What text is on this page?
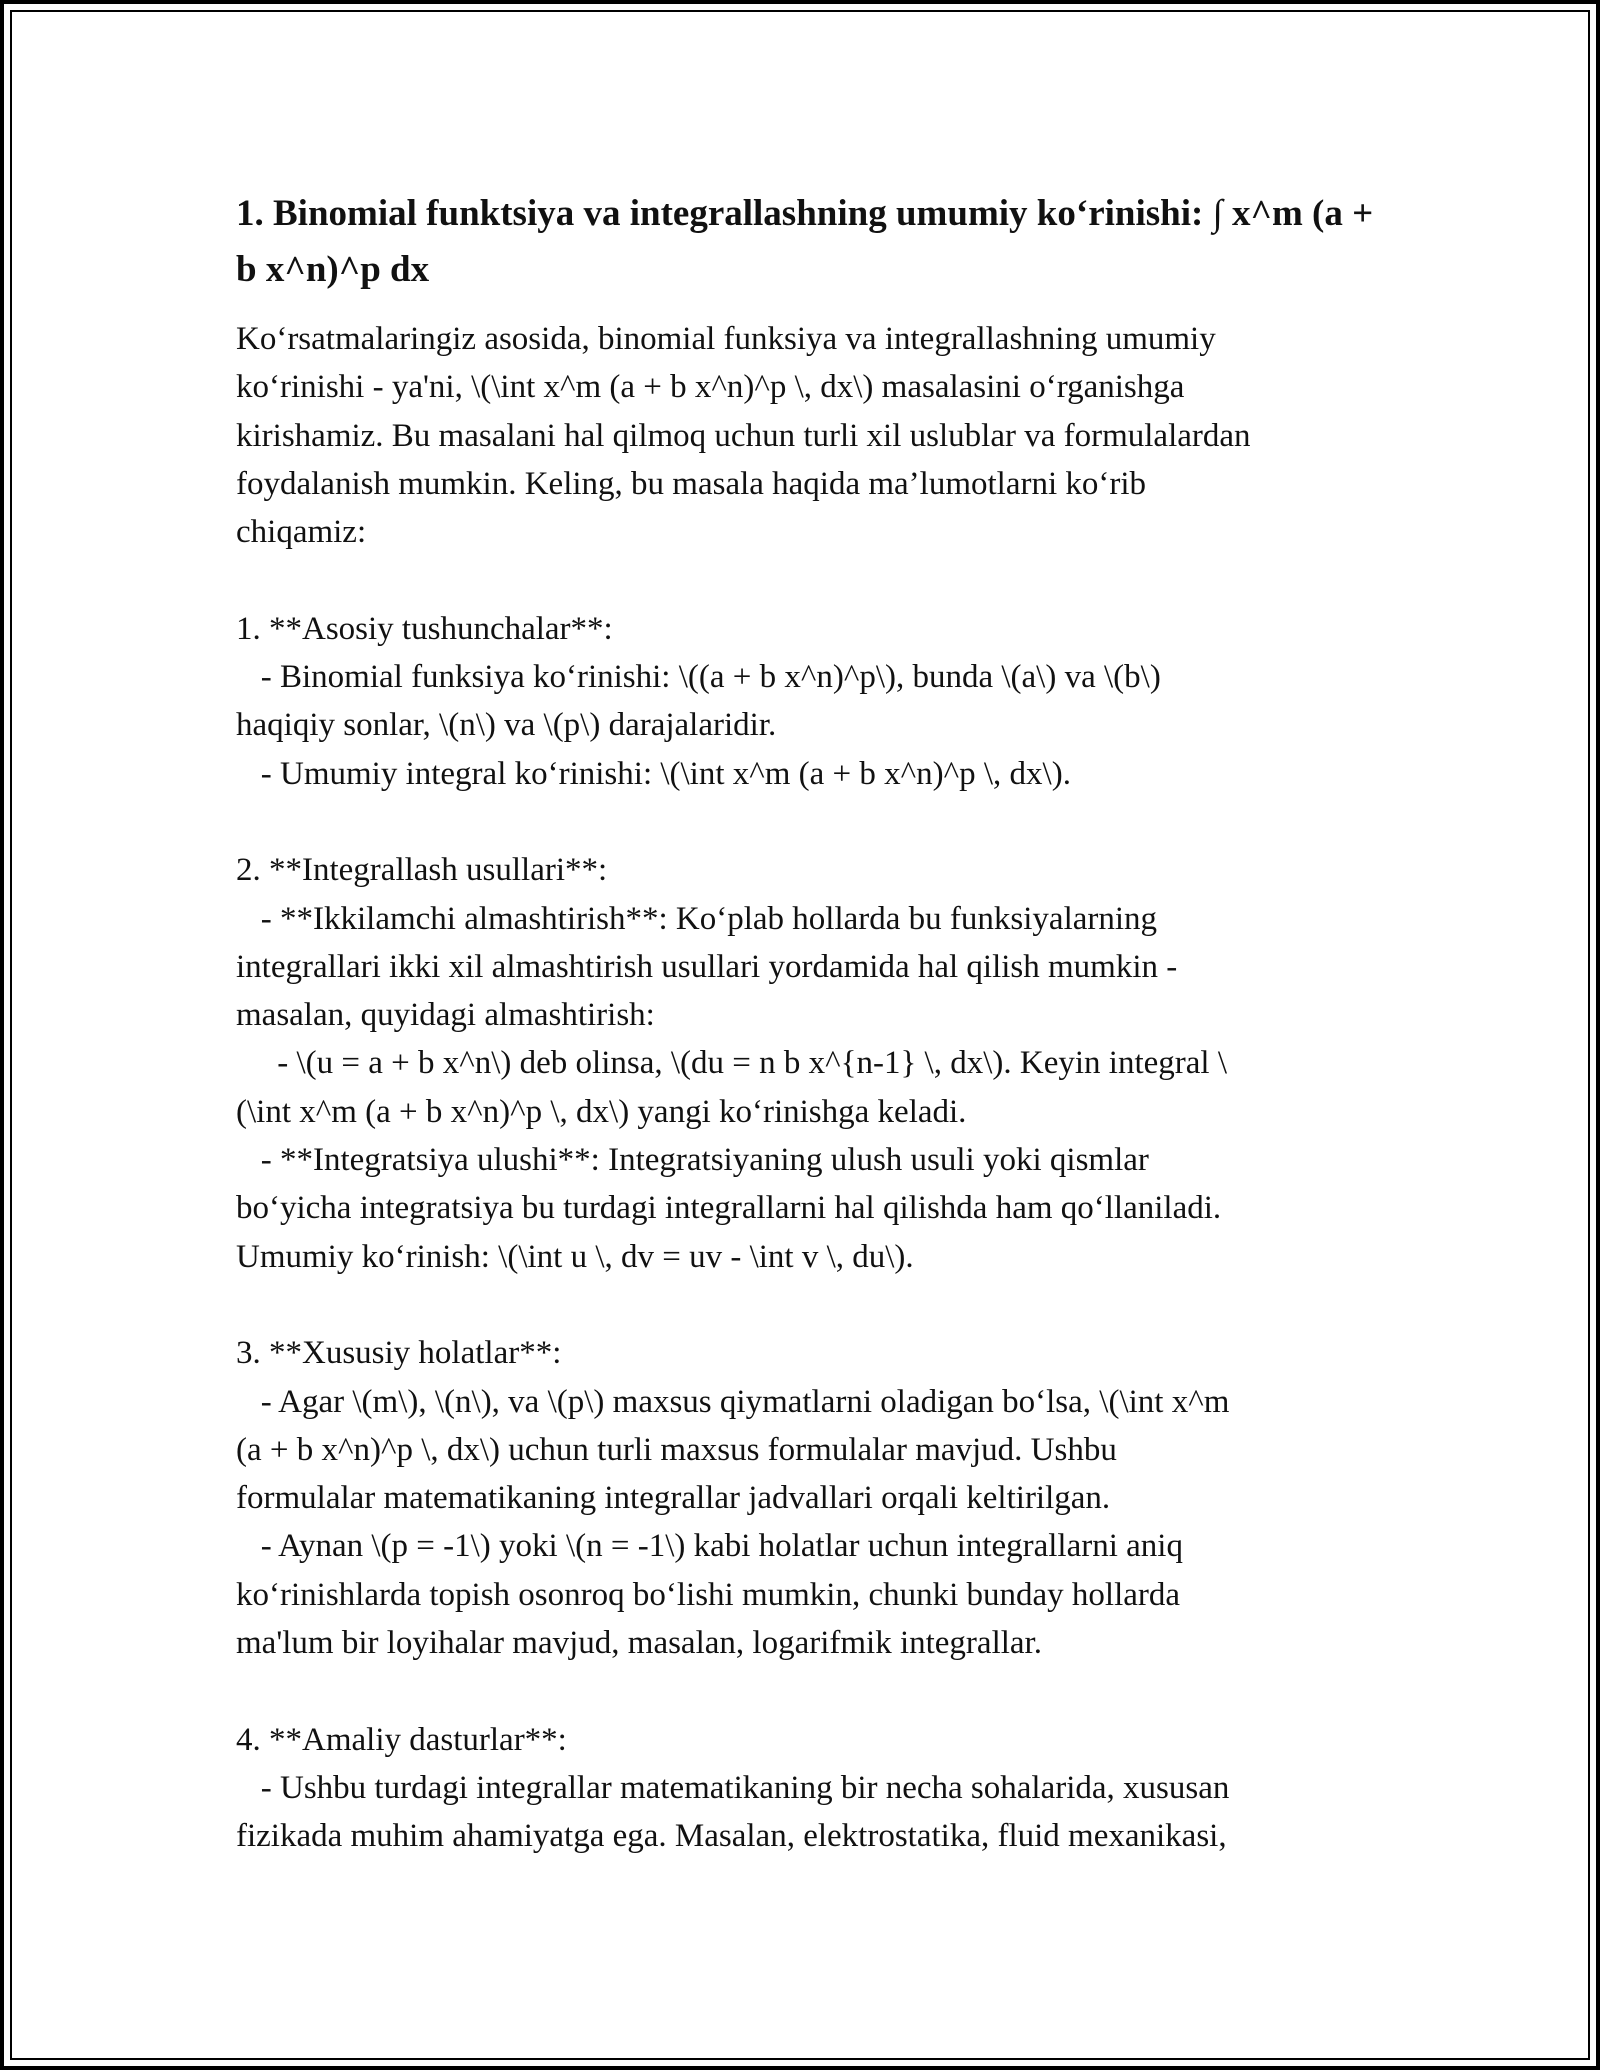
1. Binomial funktsiya va integrallashning umumiy ko‘rinishi: ∫ x^m (a + b x^n)^p dx
Ko‘rsatmalaringiz asosida, binomial funksiya va integrallashning umumiy
ko‘rinishi - ya'ni, \(\int x^m (a + b x^n)^p \, dx\) masalasini o‘rganishga
kirishamiz. Bu masalani hal qilmoq uchun turli xil uslublar va formulalardan
foydalanish mumkin. Keling, bu masala haqida ma’lumotlarni ko‘rib
chiqamiz:
1. **Asosiy tushunchalar**:
- Binomial funksiya ko‘rinishi: \((a + b x^n)^p\), bunda \(a\) va \(b\)
haqiqiy sonlar, \(n\) va \(p\) darajalaridir.
- Umumiy integral ko‘rinishi: \(\int x^m (a + b x^n)^p \, dx\).
2. **Integrallash usullari**:
- **Ikkilamchi almashtirish**: Ko‘plab hollarda bu funksiyalarning
integrallari ikki xil almashtirish usullari yordamida hal qilish mumkin -
masalan, quyidagi almashtirish:
- \(u = a + b x^n\) deb olinsa, \(du = n b x^{n-1} \, dx\). Keyin integral \
(\int x^m (a + b x^n)^p \, dx\) yangi ko‘rinishga keladi.
- **Integratsiya ulushi**: Integratsiyaning ulush usuli yoki qismlar
bo‘yicha integratsiya bu turdagi integrallarni hal qilishda ham qo‘llaniladi.
Umumiy ko‘rinish: \(\int u \, dv = uv - \int v \, du\).
3. **Xususiy holatlar**:
- Agar \(m\), \(n\), va \(p\) maxsus qiymatlarni oladigan bo‘lsa, \(\int x^m
(a + b x^n)^p \, dx\) uchun turli maxsus formulalar mavjud. Ushbu
formulalar matematikaning integrallar jadvallari orqali keltirilgan.
- Aynan \(p = -1\) yoki \(n = -1\) kabi holatlar uchun integrallarni aniq
ko‘rinishlarda topish osonroq bo‘lishi mumkin, chunki bunday hollarda
ma'lum bir loyihalar mavjud, masalan, logarifmik integrallar.
4. **Amaliy dasturlar**:
- Ushbu turdagi integrallar matematikaning bir necha sohalarida, xususan
fizikada muhim ahamiyatga ega. Masalan, elektrostatika, fluid mexanikasi,
